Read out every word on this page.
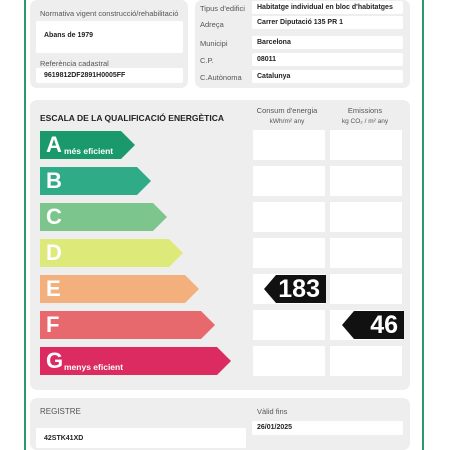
Normativa vigent construcció/rehabilitació
Abans de 1979
Referència cadastral
9619812DF2891H0005FF
Tipus d'edifici Habitatge individual en bloc d'habitatges
Adreça	Carrer Diputació 135 PR 1
Municipi	Barcelona
C.P.	08011
C.Autònoma Catalunya
ESCALA DE LA QUALIFICACIÓ ENERGÈTICA
Consum d'energia
kWh/m² any
Emissions
kg CO₂ / m² any
A més eficient
B
C
D
E
F
G menys eficient
183
46
REGISTRE
42STK41XD
Vàlid fins
26/01/2025
